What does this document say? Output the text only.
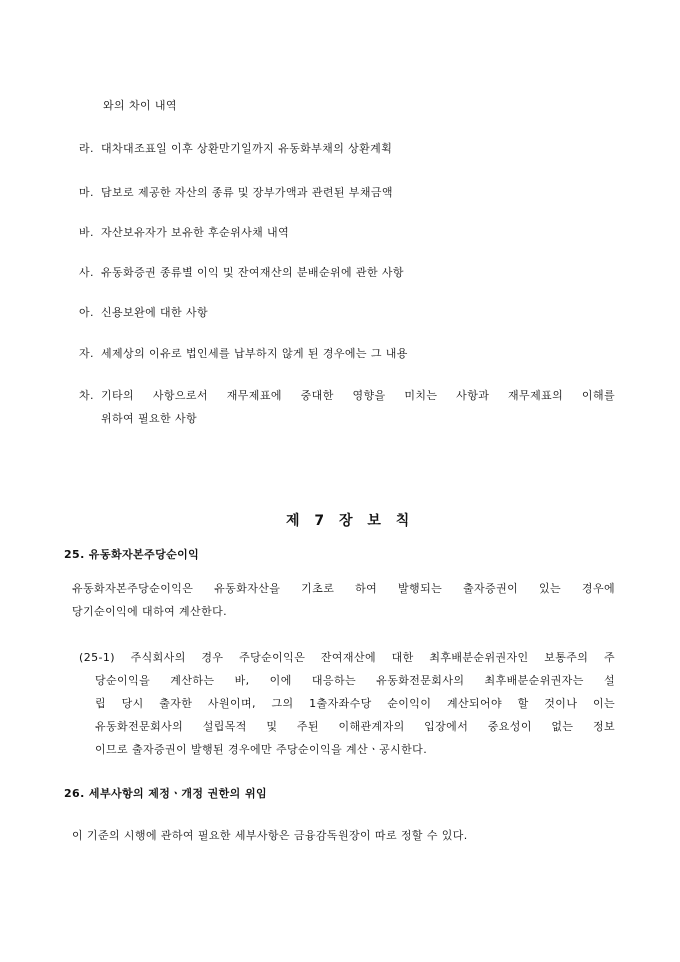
와의 차이 내역
라. 대차대조표일 이후 상환만기일까지 유동화부채의 상환계획
마. 담보로 제공한 자산의 종류 및 장부가액과 관련된 부채금액
바. 자산보유자가 보유한 후순위사채 내역
사. 유동화증권 종류별 이익 및 잔여재산의 분배순위에 관한 사항
아. 신용보완에 대한 사항
자. 세제상의 이유로 법인세를 납부하지 않게 된 경우에는 그 내용
차. 기타의 사항으로서 재무제표에 중대한 영향을 미치는 사항과 재무제표의 이해를
위하여 필요한 사항
제 7 장 보 칙
25. 유동화자본주당순이익
유동화자본주당순이익은 유동화자산을 기초로 하여 발행되는 출자증권이 있는 경우에
당기순이익에 대하여 계산한다.
(25-1) 주식회사의 경우 주당순이익은 잔여재산에 대한 최후배분순위권자인 보통주의 주
당순이익을 계산하는 바, 이에 대응하는 유동화전문회사의 최후배분순위권자는 설
립 당시 출자한 사원이며, 그의 1출자좌수당 순이익이 계산되어야 할 것이나 이는
유동화전문회사의 설립목적 및 주된 이해관계자의 입장에서 중요성이 없는 정보
이므로 출자증권이 발행된 경우에만 주당순이익을 계산ㆍ공시한다.
26. 세부사항의 제정ㆍ개정 권한의 위임
이 기준의 시행에 관하여 필요한 세부사항은 금융감독원장이 따로 정할 수 있다.
